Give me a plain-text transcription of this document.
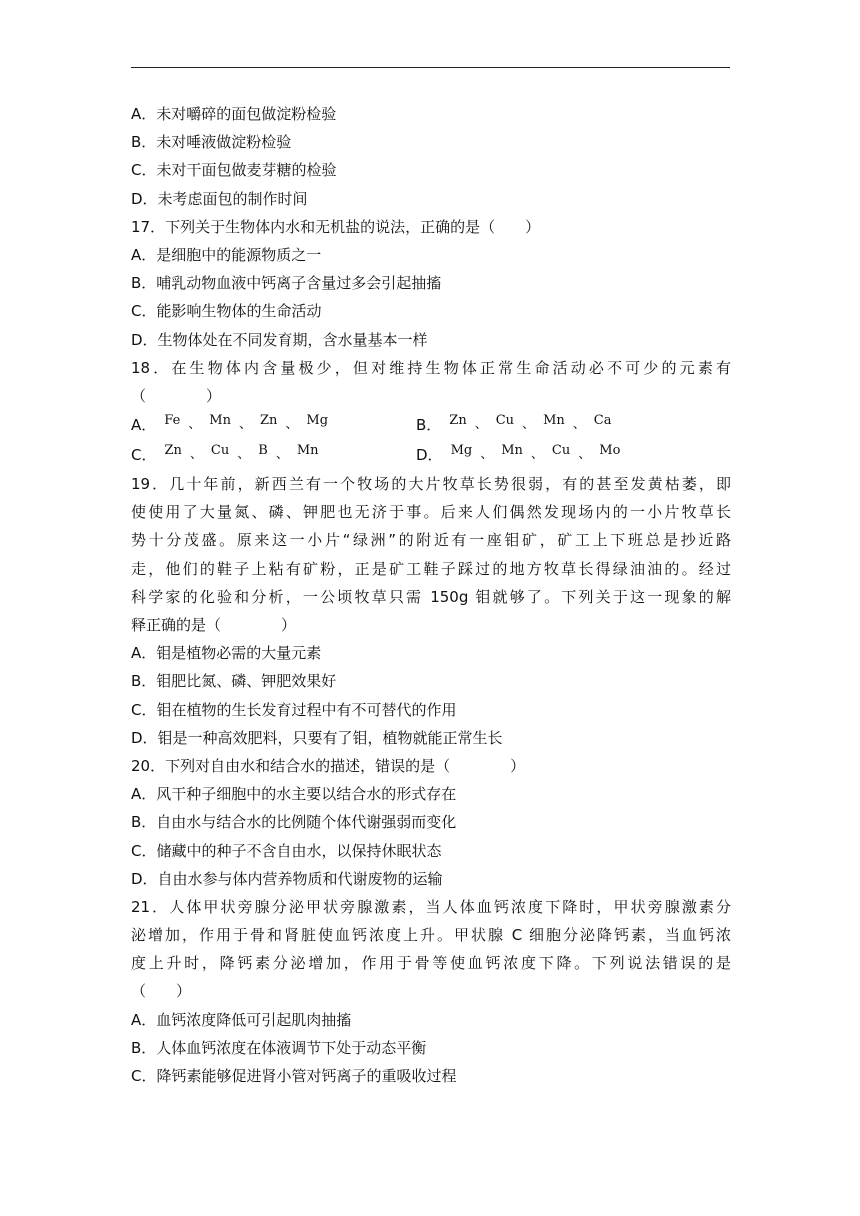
A．未对嚼碎的面包做淀粉检验
B．未对唾液做淀粉检验
C．未对干面包做麦芽糖的检验
D．未考虑面包的制作时间
17．下列关于生物体内水和无机盐的说法，正确的是（　　）
A．是细胞中的能源物质之一
B．哺乳动物血液中钙离子含量过多会引起抽搐
C．能影响生物体的生命活动
D．生物体处在不同发育期，含水量基本一样
18．在生物体内含量极少，但对维持生物体正常生命活动必不可少的元素有
（　　　　）
A． Fe 、 Mn 、 Zn 、 Mg	B． Zn 、 Cu 、 Mn 、 Ca
C． Zn 、 Cu 、 B 、 Mn	D． Mg 、 Mn 、 Cu 、 Mo
19．几十年前，新西兰有一个牧场的大片牧草长势很弱，有的甚至发黄枯萎，即
使使用了大量氮、磷、钾肥也无济于事。后来人们偶然发现场内的一小片牧草长
势十分茂盛。原来这一小片“绿洲”的附近有一座钼矿，矿工上下班总是抄近路
走，他们的鞋子上粘有矿粉，正是矿工鞋子踩过的地方牧草长得绿油油的。经过
科学家的化验和分析，一公顷牧草只需 150g 钼就够了。下列关于这一现象的解
释正确的是（　　　　）
A．钼是植物必需的大量元素
B．钼肥比氮、磷、钾肥效果好
C．钼在植物的生长发育过程中有不可替代的作用
D．钼是一种高效肥料，只要有了钼，植物就能正常生长
20．下列对自由水和结合水的描述，错误的是（　　　　）
A．风干种子细胞中的水主要以结合水的形式存在
B．自由水与结合水的比例随个体代谢强弱而变化
C．储藏中的种子不含自由水，以保持休眠状态
D．自由水参与体内营养物质和代谢废物的运输
21．人体甲状旁腺分泌甲状旁腺激素，当人体血钙浓度下降时，甲状旁腺激素分
泌增加，作用于骨和肾脏使血钙浓度上升。甲状腺 C 细胞分泌降钙素，当血钙浓
度上升时，降钙素分泌增加，作用于骨等使血钙浓度下降。下列说法错误的是
（　　）
A．血钙浓度降低可引起肌肉抽搐
B．人体血钙浓度在体液调节下处于动态平衡
C．降钙素能够促进肾小管对钙离子的重吸收过程
